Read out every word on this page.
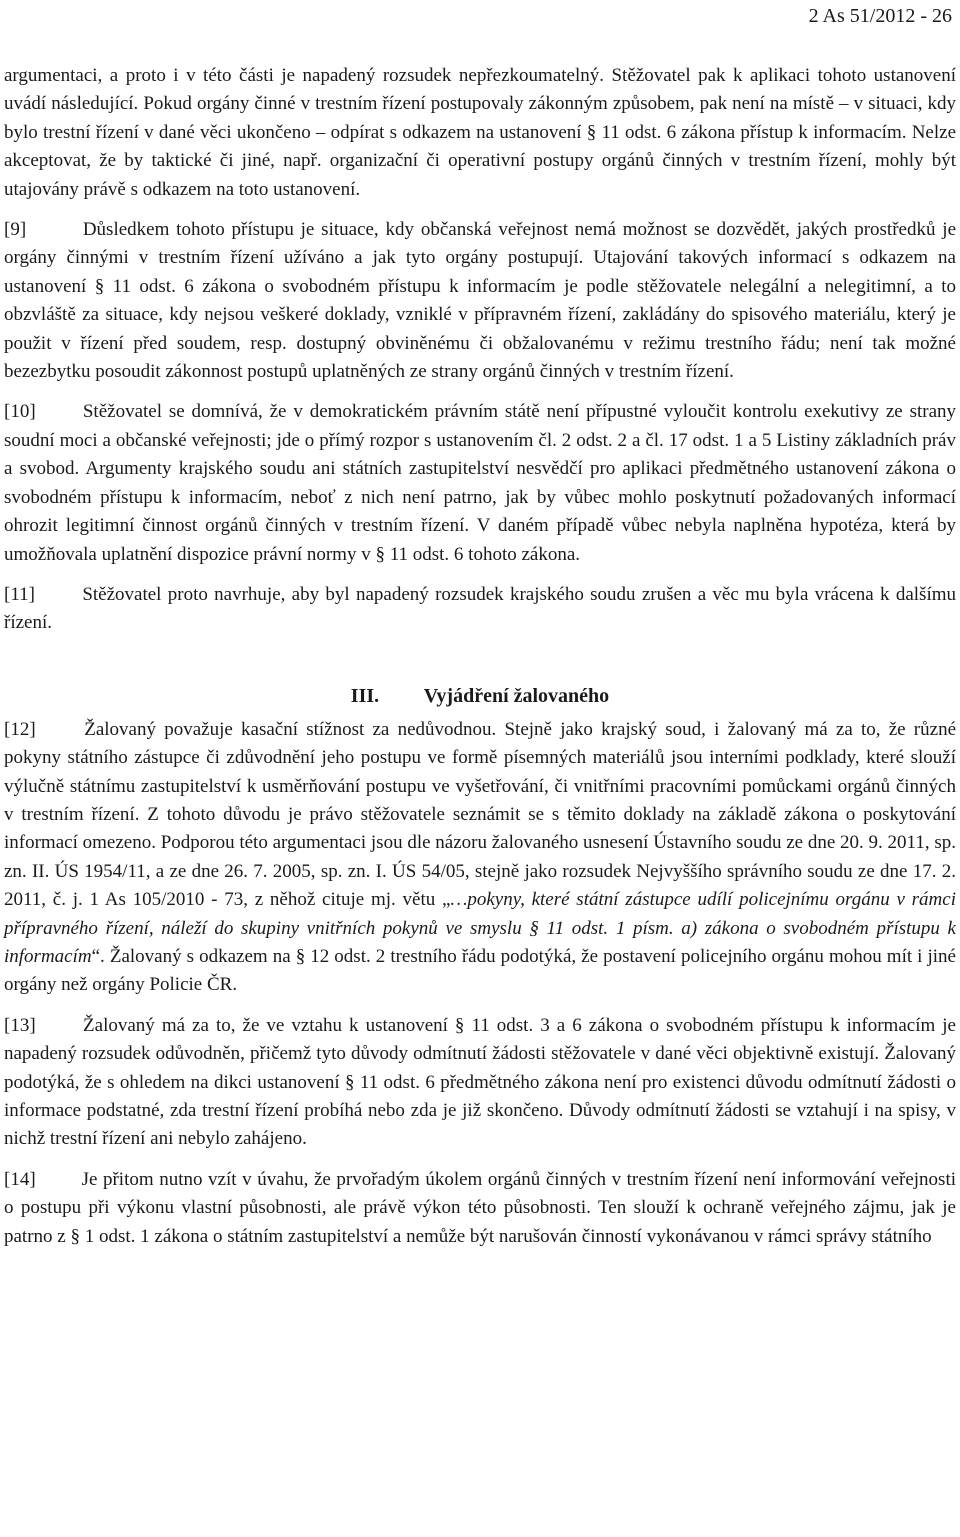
2 As 51/2012 - 26

argumentaci, a proto i v této části je napadený rozsudek nepřezkoumatelný. Stěžovatel pak k aplikaci tohoto ustanovení uvádí následující. Pokud orgány činné v trestním řízení postupovaly zákonným způsobem, pak není na místě – v situaci, kdy bylo trestní řízení v dané věci ukončeno – odpírat s odkazem na ustanovení § 11 odst. 6 zákona přístup k informacím. Nelze akceptovat, že by taktické či jiné, např. organizační či operativní postupy orgánů činných v trestním řízení, mohly být utajovány právě s odkazem na toto ustanovení.

[9]	Důsledkem tohoto přístupu je situace, kdy občanská veřejnost nemá možnost se dozvědět, jakých prostředků je orgány činnými v trestním řízení užíváno a jak tyto orgány postupují. Utajování takových informací s odkazem na ustanovení § 11 odst. 6 zákona o svobodném přístupu k informacím je podle stěžovatele nelegální a nelegitimní, a to obzvláště za situace, kdy nejsou veškeré doklady, vzniklé v přípravném řízení, zakládány do spisového materiálu, který je použit v řízení před soudem, resp. dostupný obviněnému či obžalovanému v režimu trestního řádu; není tak možné bezezbytku posoudit zákonnost postupů uplatněných ze strany orgánů činných v trestním řízení.

[10] Stěžovatel se domnívá, že v demokratickém právním státě není přípustné vyloučit kontrolu exekutivy ze strany soudní moci a občanské veřejnosti; jde o přímý rozpor s ustanovením čl. 2 odst. 2 a čl. 17 odst. 1 a 5 Listiny základních práv a svobod. Argumenty krajského soudu ani státních zastupitelství nesvědčí pro aplikaci předmětného ustanovení zákona o svobodném přístupu k informacím, neboť z nich není patrno, jak by vůbec mohlo poskytnutí požadovaných informací ohrozit legitimní činnost orgánů činných v trestním řízení. V daném případě vůbec nebyla naplněna hypotéza, která by umožňovala uplatnění dispozice právní normy v § 11 odst. 6 tohoto zákona.

[11] Stěžovatel proto navrhuje, aby byl napadený rozsudek krajského soudu zrušen a věc mu byla vrácena k dalšímu řízení.

III. Vyjádření žalovaného

[12]	Žalovaný považuje kasační stížnost za nedůvodnou. Stejně jako krajský soud, i žalovaný má za to, že různé pokyny státního zástupce či zdůvodnění jeho postupu ve formě písemných materiálů jsou interními podklady, které slouží výlučně státnímu zastupitelství k usměrňování postupu ve vyšetřování, či vnitřními pracovními pomůckami orgánů činných v trestním řízení. Z tohoto důvodu je právo stěžovatele seznámit se s těmito doklady na základě zákona o poskytování informací omezeno. Podporou této argumentaci jsou dle názoru žalovaného usnesení Ústavního soudu ze dne 20. 9. 2011, sp. zn. II. ÚS 1954/11, a ze dne 26. 7. 2005, sp. zn. I. ÚS 54/05, stejně jako rozsudek Nejvyššího správního soudu ze dne 17. 2. 2011, č. j. 1 As 105/2010 - 73, z něhož cituje mj. větu „…pokyny, které státní zástupce udílí policejnímu orgánu v rámci přípravného řízení, náleží do skupiny vnitřních pokynů ve smyslu § 11 odst. 1 písm. a) zákona o svobodném přístupu k informacím“. Žalovaný s odkazem na § 12 odst. 2 trestního řádu podotýká, že postavení policejního orgánu mohou mít i jiné orgány než orgány Policie ČR.

[13] Žalovaný má za to, že ve vztahu k ustanovení § 11 odst. 3 a 6 zákona o svobodném přístupu k informacím je napadený rozsudek odůvodněn, přičemž tyto důvody odmítnutí žádosti stěžovatele v dané věci objektivně existují. Žalovaný podotýká, že s ohledem na dikci ustanovení § 11 odst. 6 předmětného zákona není pro existenci důvodu odmítnutí žádosti o informace podstatné, zda trestní řízení probíhá nebo zda je již skončeno. Důvody odmítnutí žádosti se vztahují i na spisy, v nichž trestní řízení ani nebylo zahájeno.

[14] Je přitom nutno vzít v úvahu, že prvořadým úkolem orgánů činných v trestním řízení není informování veřejnosti o postupu při výkonu vlastní působnosti, ale právě výkon této působnosti. Ten slouží k ochraně veřejného zájmu, jak je patrno z § 1 odst. 1 zákona o státním zastupitelství a nemůže být narušován činností vykonávanou v rámci správy státního
